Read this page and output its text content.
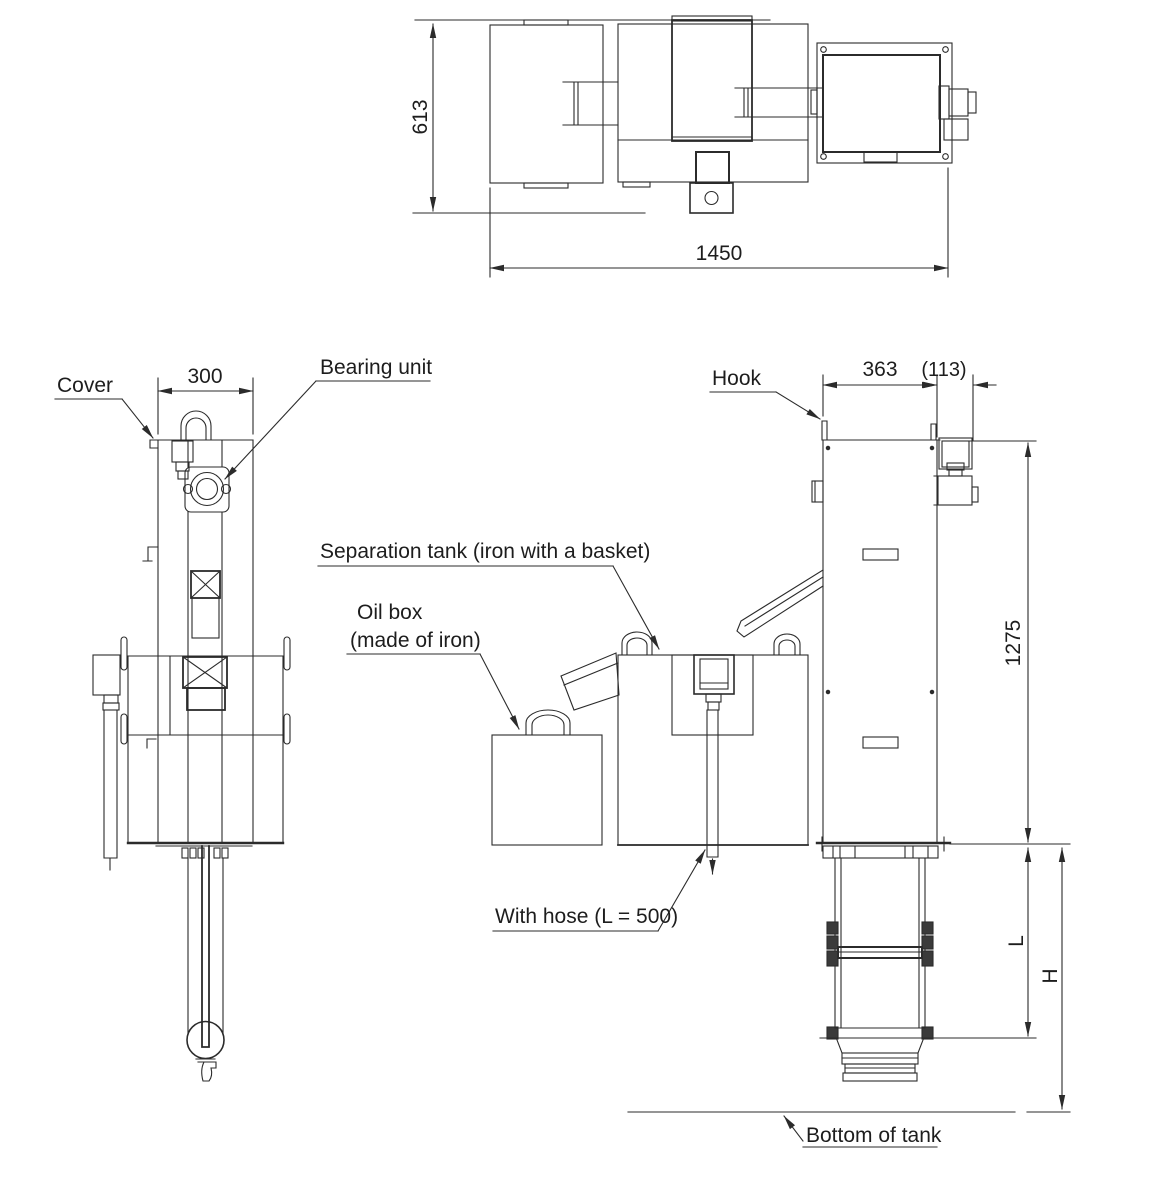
613
1450
Cover	300	Bearing unit
Separation tank (iron with a basket)
Oil box
(made of iron)
With hose (L = 500)
Hook	363 (113)
1275
L
H
Bottom of tank
